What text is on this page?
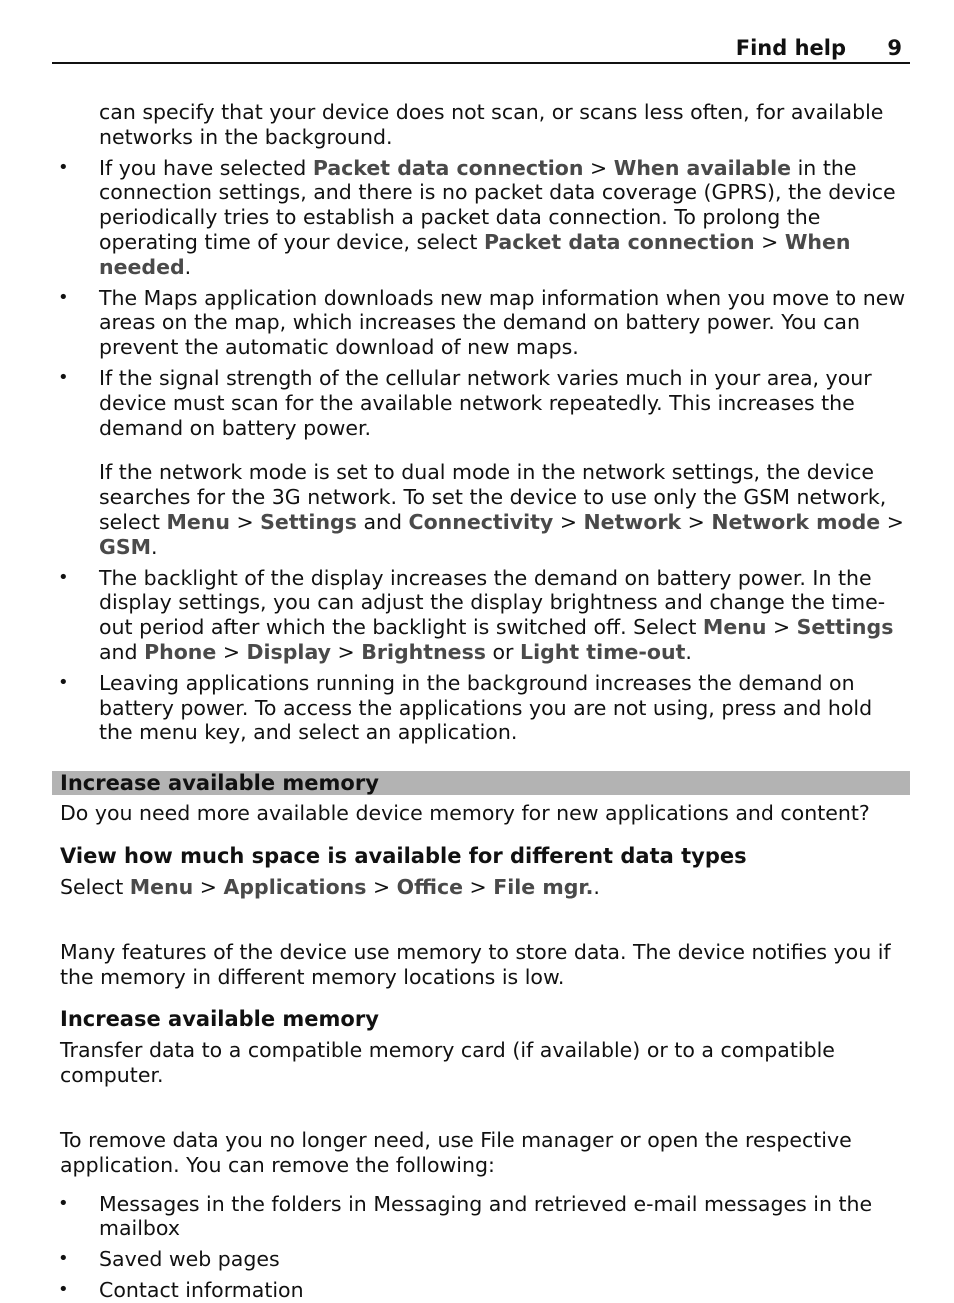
Find help 9

can specify that your device does not scan, or scans less often, for available networks in the background.

• If you have selected Packet data connection > When available in the connection settings, and there is no packet data coverage (GPRS), the device periodically tries to establish a packet data connection. To prolong the operating time of your device, select Packet data connection > When needed.
• The Maps application downloads new map information when you move to new areas on the map, which increases the demand on battery power. You can prevent the automatic download of new maps.
• If the signal strength of the cellular network varies much in your area, your device must scan for the available network repeatedly. This increases the demand on battery power.
If the network mode is set to dual mode in the network settings, the device searches for the 3G network. To set the device to use only the GSM network, select Menu > Settings and Connectivity > Network > Network mode > GSM.
• The backlight of the display increases the demand on battery power. In the display settings, you can adjust the display brightness and change the time-out period after which the backlight is switched off. Select Menu > Settings and Phone > Display > Brightness or Light time-out.
• Leaving applications running in the background increases the demand on battery power. To access the applications you are not using, press and hold the menu key, and select an application.
Increase available memory

Do you need more available device memory for new applications and content?

View how much space is available for different data types

Select Menu > Applications > Office > File mgr..

Many features of the device use memory to store data. The device notifies you if the memory in different memory locations is low.

Increase available memory

Transfer data to a compatible memory card (if available) or to a compatible computer.

To remove data you no longer need, use File manager or open the respective application. You can remove the following:

• Messages in the folders in Messaging and retrieved e-mail messages in the mailbox
• Saved web pages
• Contact information
